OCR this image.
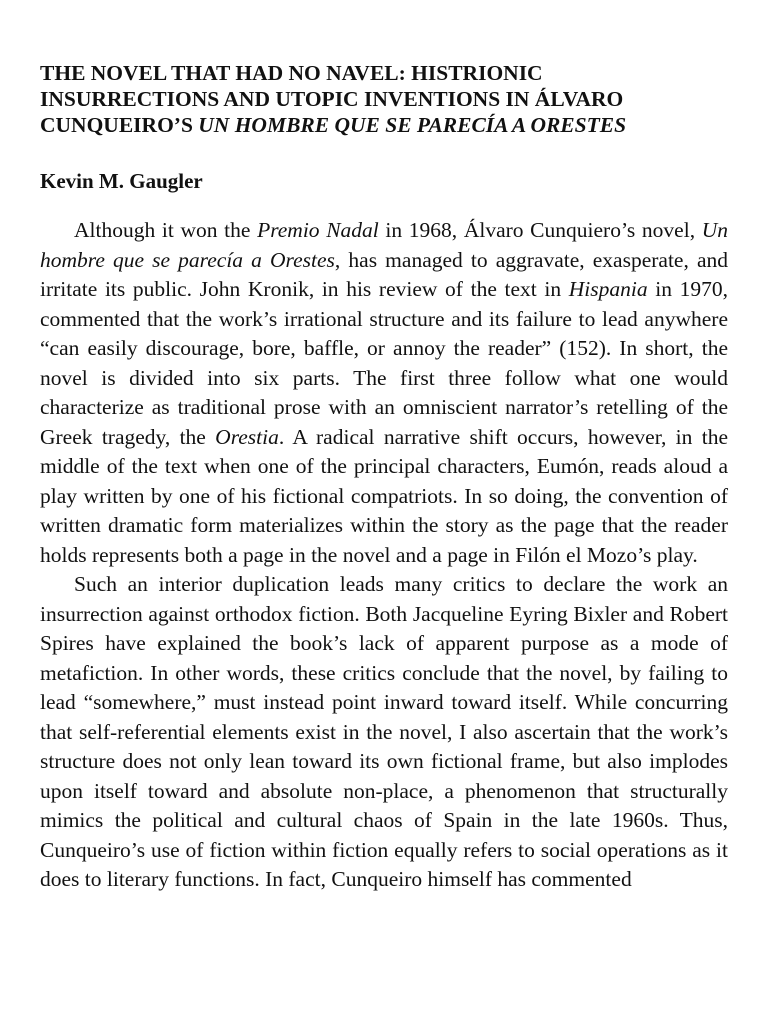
THE NOVEL THAT HAD NO NAVEL: HISTRIONIC
INSURRECTIONS AND UTOPIC INVENTIONS IN ÁLVARO
CUNQUEIRO’S UN HOMBRE QUE SE PARECÍA A ORESTES
Kevin M. Gaugler

Although it won the Premio Nadal in 1968, Álvaro Cunquiero’s novel, Un hombre que se parecía a Orestes, has managed to aggravate, exasperate, and irritate its public. John Kronik, in his review of the text in Hispania in 1970, commented that the work’s irrational structure and its failure to lead anywhere “can easily discourage, bore, baffle, or annoy the reader” (152). In short, the novel is divided into six parts. The first three follow what one would characterize as traditional prose with an omniscient narrator’s retelling of the Greek tragedy, the Orestia. A radical narrative shift occurs, however, in the middle of the text when one of the principal characters, Eumón, reads aloud a play written by one of his fictional compatriots. In so doing, the convention of written dramatic form materializes within the story as the page that the reader holds represents both a page in the novel and a page in Filón el Mozo’s play.

Such an interior duplication leads many critics to declare the work an insurrection against orthodox fiction. Both Jacqueline Eyring Bixler and Robert Spires have explained the book’s lack of apparent purpose as a mode of metafiction. In other words, these critics conclude that the novel, by failing to lead “somewhere,” must instead point inward toward itself. While concurring that self-referential elements exist in the novel, I also ascertain that the work’s structure does not only lean toward its own fictional frame, but also implodes upon itself toward and absolute non-place, a phenomenon that structurally mimics the political and cultural chaos of Spain in the late 1960s. Thus, Cunqueiro’s use of fiction within fiction equally refers to social operations as it does to literary functions. In fact, Cunqueiro himself has commented
